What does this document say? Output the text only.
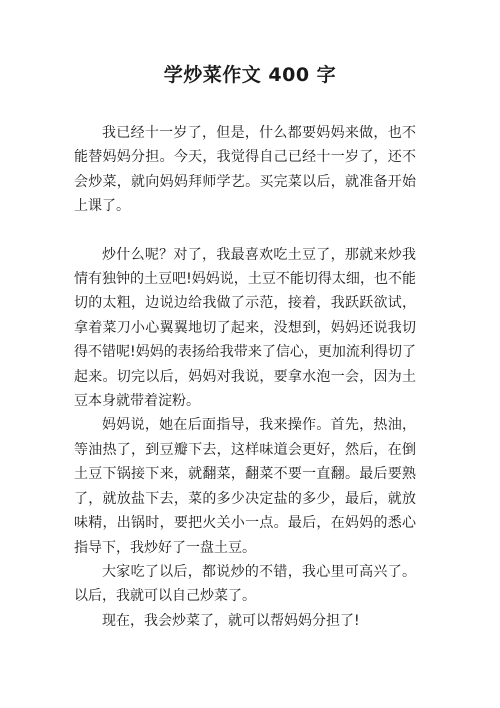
学炒菜作文 400 字

我已经十一岁了，但是，什么都要妈妈来做，也不能替妈妈分担。今天，我觉得自己已经十一岁了，还不会炒菜，就向妈妈拜师学艺。买完菜以后，就准备开始上课了。

炒什么呢？对了，我最喜欢吃土豆了，那就来炒我情有独钟的土豆吧!妈妈说，土豆不能切得太细，也不能切的太粗，边说边给我做了示范，接着，我跃跃欲试，拿着菜刀小心翼翼地切了起来，没想到，妈妈还说我切得不错呢!妈妈的表扬给我带来了信心，更加流利得切了起来。切完以后，妈妈对我说，要拿水泡一会，因为土豆本身就带着淀粉。

妈妈说，她在后面指导，我来操作。首先，热油，等油热了，到豆瓣下去，这样味道会更好，然后，在倒土豆下锅接下来，就翻菜，翻菜不要一直翻。最后要熟了，就放盐下去，菜的多少决定盐的多少，最后，就放味精，出锅时，要把火关小一点。最后，在妈妈的悉心指导下，我炒好了一盘土豆。

大家吃了以后，都说炒的不错，我心里可高兴了。以后，我就可以自己炒菜了。

现在，我会炒菜了，就可以帮妈妈分担了!
